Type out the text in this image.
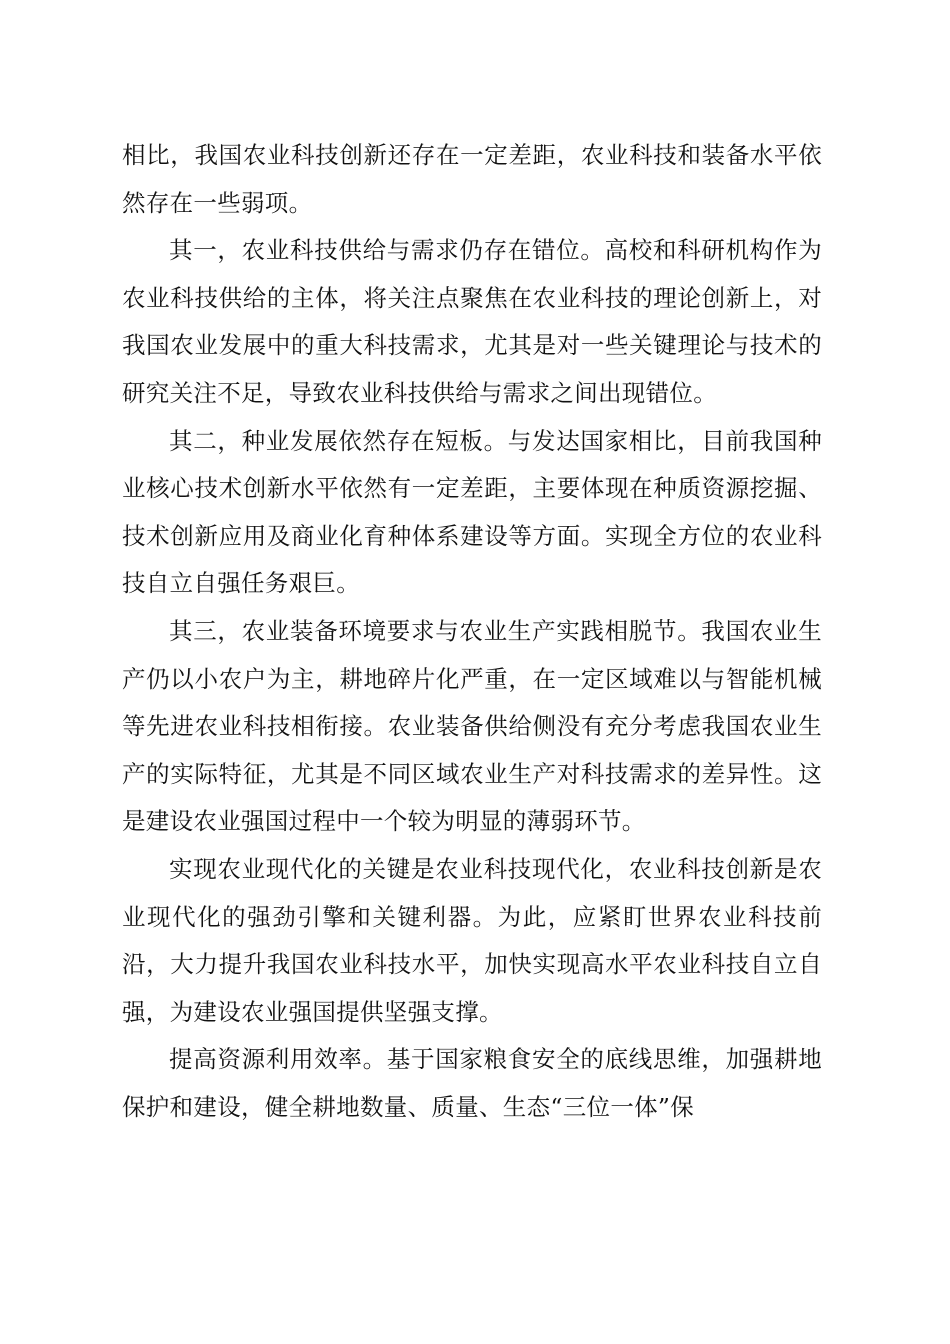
相比，我国农业科技创新还存在一定差距，农业科技和装备水平依然存在一些弱项。

其一，农业科技供给与需求仍存在错位。高校和科研机构作为农业科技供给的主体，将关注点聚焦在农业科技的理论创新上，对我国农业发展中的重大科技需求，尤其是对一些关键理论与技术的研究关注不足，导致农业科技供给与需求之间出现错位。

其二，种业发展依然存在短板。与发达国家相比，目前我国种业核心技术创新水平依然有一定差距，主要体现在种质资源挖掘、技术创新应用及商业化育种体系建设等方面。实现全方位的农业科技自立自强任务艰巨。

其三，农业装备环境要求与农业生产实践相脱节。我国农业生产仍以小农户为主，耕地碎片化严重，在一定区域难以与智能机械等先进农业科技相衔接。农业装备供给侧没有充分考虑我国农业生产的实际特征，尤其是不同区域农业生产对科技需求的差异性。这是建设农业强国过程中一个较为明显的薄弱环节。

实现农业现代化的关键是农业科技现代化，农业科技创新是农业现代化的强劲引擎和关键利器。为此，应紧盯世界农业科技前沿，大力提升我国农业科技水平，加快实现高水平农业科技自立自强，为建设农业强国提供坚强支撑。

提高资源利用效率。基于国家粮食安全的底线思维，加强耕地保护和建设，健全耕地数量、质量、生态“三位一体”保
